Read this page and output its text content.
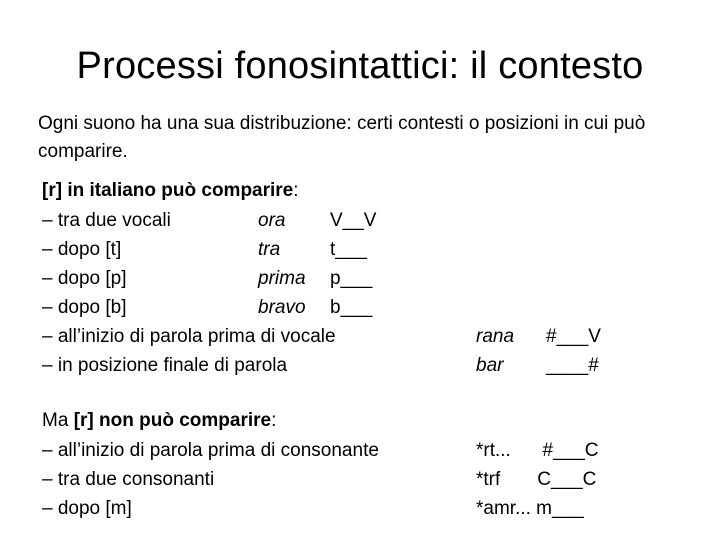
Processi fonosintattici: il contesto
Ogni suono ha una sua distribuzione: certi contesti o posizioni in cui può comparire.
[r] in italiano può comparire:
– tra due vocali	ora V__V
– dopo [t]	tra	t___
– dopo [p]	prima p___
– dopo [b]	bravo b___
– all’inizio di parola prima di vocale	rana #___V
– in posizione finale di parola	bar ____#
Ma [r] non può comparire:
– all’inizio di parola prima di consonante	*rt...      #___C
– tra due consonanti	*trf       C___C
– dopo [m]	*amr... m___
